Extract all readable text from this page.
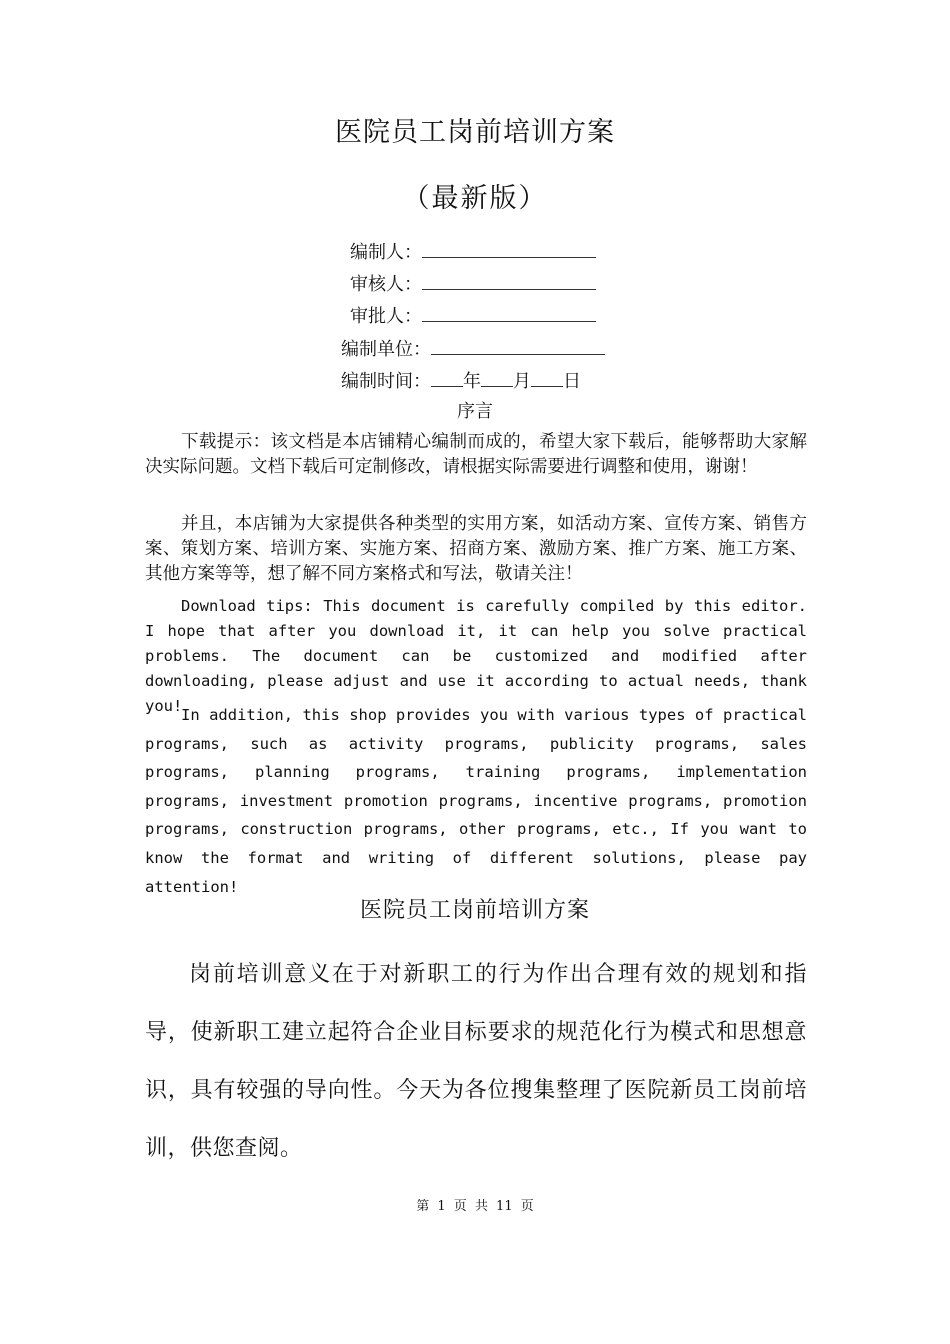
医院员工岗前培训方案
（最新版）
编制人：
审核人：
审批人：
编制单位：
编制时间： 年 月 日
序言
下载提示：该文档是本店铺精心编制而成的，希望大家下载后，能够帮助大家解决实际问题。文档下载后可定制修改，请根据实际需要进行调整和使用，谢谢！
并且，本店铺为大家提供各种类型的实用方案，如活动方案、宣传方案、销售方案、策划方案、培训方案、实施方案、招商方案、激励方案、推广方案、施工方案、其他方案等等，想了解不同方案格式和写法，敬请关注！
Download tips: This document is carefully compiled by this editor. I hope that after you download it, it can help you solve practical problems. The document can be customized and modified after downloading, please adjust and use it according to actual needs, thank you!
In addition, this shop provides you with various types of practical programs, such as activity programs, publicity programs, sales programs, planning programs, training programs, implementation programs, investment promotion programs, incentive programs, promotion programs, construction programs, other programs, etc., If you want to know the format and writing of different solutions, please pay attention!
医院员工岗前培训方案
岗前培训意义在于对新职工的行为作出合理有效的规划和指导，使新职工建立起符合企业目标要求的规范化行为模式和思想意识，具有较强的导向性。今天为各位搜集整理了医院新员工岗前培训，供您查阅。
第 1 页 共 11 页
